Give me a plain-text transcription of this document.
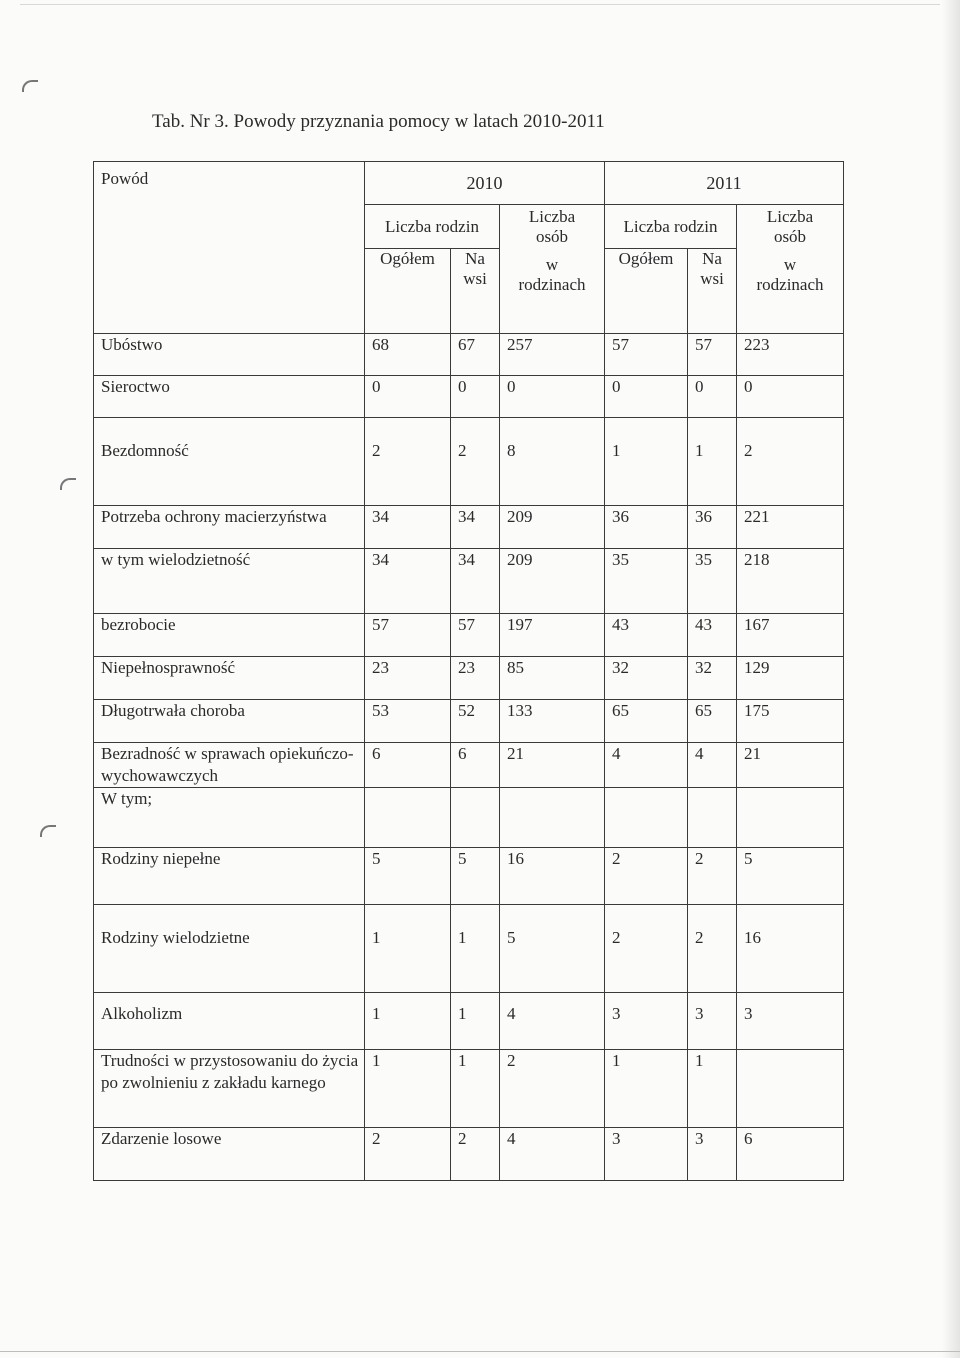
Tab. Nr 3. Powody przyznania pomocy w latach 2010-2011
Powód	2010			2011		
	Liczba rodzin		Liczba
osób
w
rodzinach	Liczba rodzin		Liczba
osób
w
rodzinach

	Ogółem	Na
wsi		Ogółem	Na
wsi	

Ubóstwo	68	67	257	57	57	223
Sieroctwo	0	0	0	0	0	0
Bezdomność	2	2	8	1	1	2
Potrzeba ochrony macierzyństwa	34	34	209	36	36	221
w tym wielodzietność	34	34	209	35	35	218
bezrobocie	57	57	197	43	43	167
Niepełnosprawność	23	23	85	32	32	129
Długotrwała choroba	53	52	133	65	65	175
Bezradność w sprawach opiekuńczo-wychowawczych	6	6	21	4	4	21
W tym;						
Rodziny niepełne	5	5	16	2	2	5
Rodziny wielodzietne	1	1	5	2	2	16
Alkoholizm	1	1	4	3	3	3
Trudności w przystosowaniu do życia po zwolnieniu z zakładu karnego	1	1	2	1	1	
Zdarzenie losowe	2	2	4	3	3	6
